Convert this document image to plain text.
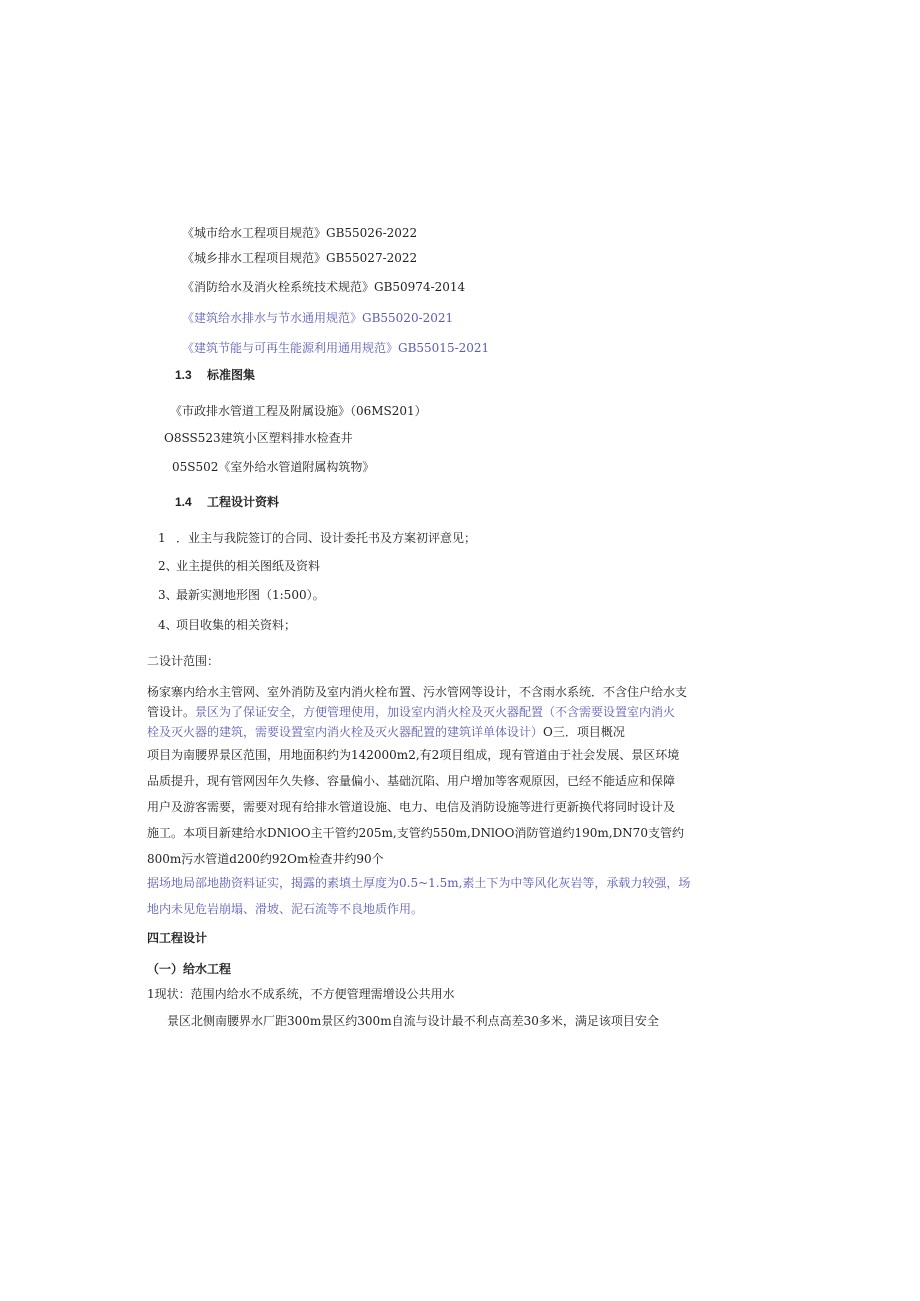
《城市给水工程项目规范》GB55026-2022
《城乡排水工程项目规范》GB55027-2022
《消防给水及消火栓系统技术规范》GB50974-2014
《建筑给水排水与节水通用规范》GB55020-2021
《建筑节能与可再生能源利用通用规范》GB55015-2021
1.3 标准图集
《市政排水管道工程及附属设施》（06MS201）
O8SS523建筑小区塑料排水检查井
05S502《室外给水管道附属构筑物》
1.4 工程设计资料
1 ．业主与我院签订的合同、设计委托书及方案初评意见；
2、业主提供的相关图纸及资料
3、最新实测地形图（1:500）。
4、项目收集的相关资料；
二设计范围：
杨家寨内给水主管网、室外消防及室内消火栓布置、污水管网等设计，不含雨水系统．不含住户给水支
管设计。景区为了保证安全，方便管理使用，加设室内消火栓及灭火器配置（不含需要设置室内消火
栓及灭火器的建筑，需要设置室内消火栓及灭火器配置的建筑详单体设计）O三．项目概况
项目为南腰界景区范围，用地面积约为142000m2,有2项目组成，现有管道由于社会发展、景区环境
品质提升，现有管网因年久失修、容量偏小、基础沉陷、用户增加等客观原因，已经不能适应和保障
用户及游客需要，需要对现有给排水管道设施、电力、电信及消防设施等进行更新换代将同时设计及
施工。本项目新建给水DNlOO主干管约205m,支管约550m,DNlOO消防管道约190m,DN70支管约
800m污水管道d200约92Om检查井约90个
据场地局部地勘资料证实，揭露的素填土厚度为0.5~1.5m,素土下为中等风化灰岩等，承载力较强，场
地内未见危岩崩塌、滑坡、泥石流等不良地质作用。
四工程设计
（一）给水工程
1现状：范围内给水不成系统，不方便管理需增设公共用水
景区北侧南腰界水厂距300m景区约300m自流与设计最不利点高差30多米，满足该项目安全
